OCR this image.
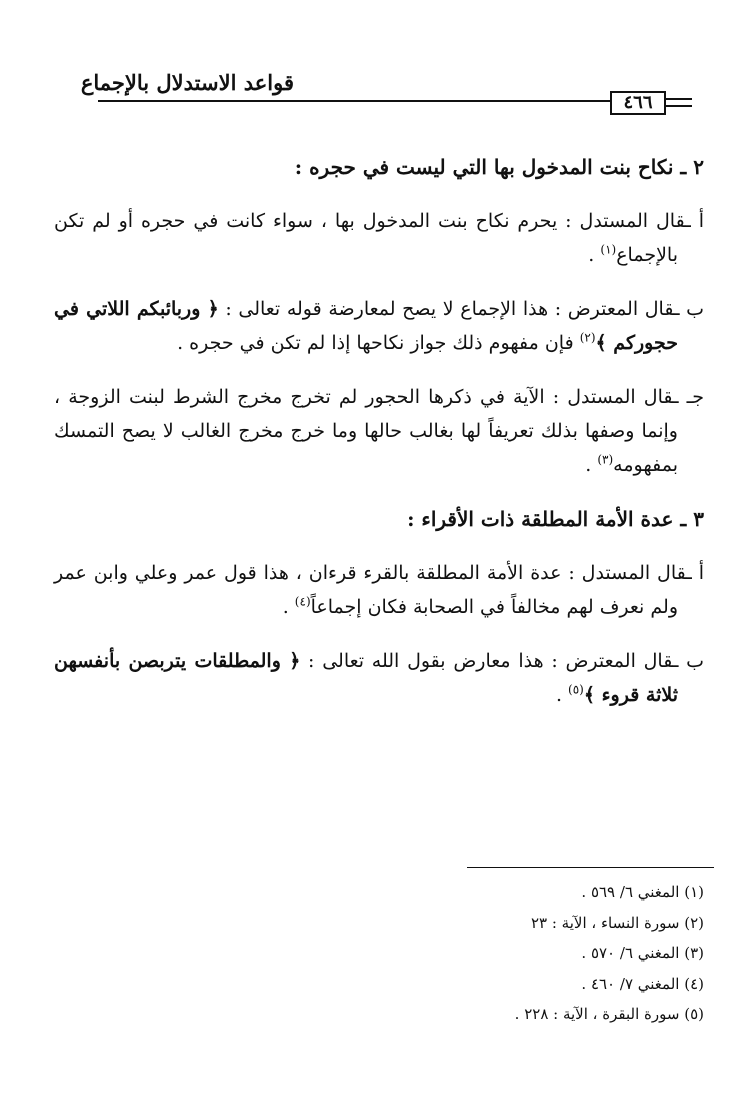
قواعد الاستدلال بالإجماع
٤٦٦
٢ ـ نكاح بنت المدخول بها التي ليست في حجره :

أ ـقال المستدل : يحرم نكاح بنت المدخول بها ، سواء كانت في حجره أو لم تكن بالإجماع$^{(١)}$ .

ب ـقال المعترض : هذا الإجماع لا يصح لمعارضة قوله تعالى : ﴿ وربائبكم اللاتي في حجوركم ﴾$^{(٢)}$ فإن مفهوم ذلك جواز نكاحها إذا لم تكن في حجره .

جـ ـقال المستدل : الآية في ذكرها الحجور لم تخرج مخرج الشرط لبنت الزوجة ، وإنما وصفها بذلك تعريفاً لها بغالب حالها وما خرج مخرج الغالب لا يصح التمسك بمفهومه$^{(٣)}$ .

٣ ـ عدة الأمة المطلقة ذات الأقراء :

أ ـقال المستدل : عدة الأمة المطلقة بالقرء قرءان ، هذا قول عمر وعلي وابن عمر ولم نعرف لهم مخالفاً في الصحابة فكان إجماعاً$^{(٤)}$ .

ب ـقال المعترض : هذا معارض بقول الله تعالى : ﴿ والمطلقات يتربصن بأنفسهن ثلاثة قروء ﴾$^{(٥)}$ .

(١) المغني ٦/ ٥٦٩ .
(٢) سورة النساء ، الآية : ٢٣
(٣) المغني ٦/ ٥٧٠ .
(٤) المغني ٧/ ٤٦٠ .
(٥) سورة البقرة ، الآية : ٢٢٨ .
